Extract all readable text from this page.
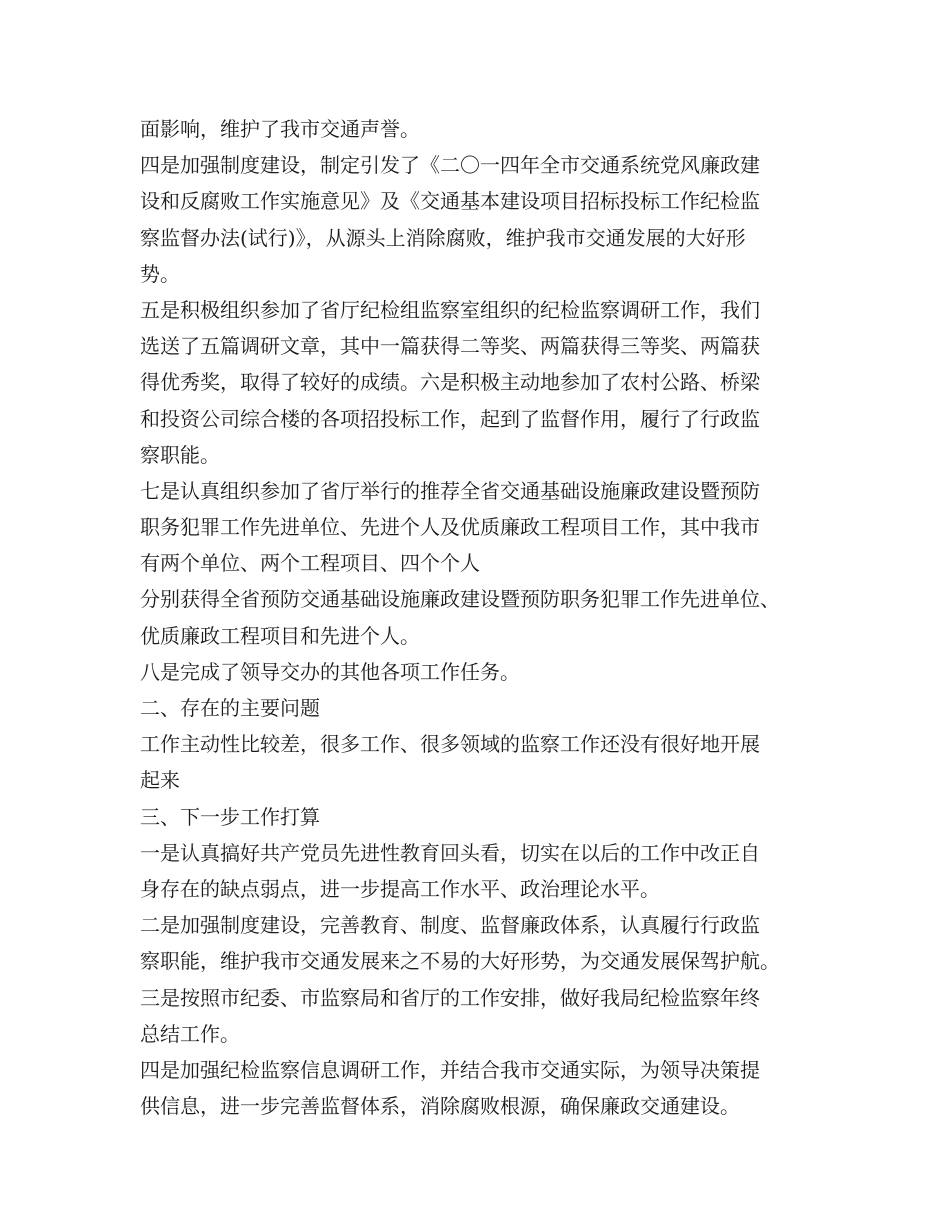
面影响，维护了我市交通声誉。
四是加强制度建设，制定引发了《二〇一四年全市交通系统党风廉政建
设和反腐败工作实施意见》及《交通基本建设项目招标投标工作纪检监
察监督办法(试行)》，从源头上消除腐败，维护我市交通发展的大好形
势。
五是积极组织参加了省厅纪检组监察室组织的纪检监察调研工作，我们
选送了五篇调研文章，其中一篇获得二等奖、两篇获得三等奖、两篇获
得优秀奖，取得了较好的成绩。六是积极主动地参加了农村公路、桥梁
和投资公司综合楼的各项招投标工作，起到了监督作用，履行了行政监
察职能。
七是认真组织参加了省厅举行的推荐全省交通基础设施廉政建设暨预防
职务犯罪工作先进单位、先进个人及优质廉政工程项目工作，其中我市
有两个单位、两个工程项目、四个个人
分别获得全省预防交通基础设施廉政建设暨预防职务犯罪工作先进单位、
优质廉政工程项目和先进个人。
八是完成了领导交办的其他各项工作任务。
二、存在的主要问题
工作主动性比较差，很多工作、很多领域的监察工作还没有很好地开展
起来
三、下一步工作打算
一是认真搞好共产党员先进性教育回头看，切实在以后的工作中改正自
身存在的缺点弱点，进一步提高工作水平、政治理论水平。
二是加强制度建设，完善教育、制度、监督廉政体系，认真履行行政监
察职能，维护我市交通发展来之不易的大好形势，为交通发展保驾护航。
三是按照市纪委、市监察局和省厅的工作安排，做好我局纪检监察年终
总结工作。
四是加强纪检监察信息调研工作，并结合我市交通实际，为领导决策提
供信息，进一步完善监督体系，消除腐败根源，确保廉政交通建设。
